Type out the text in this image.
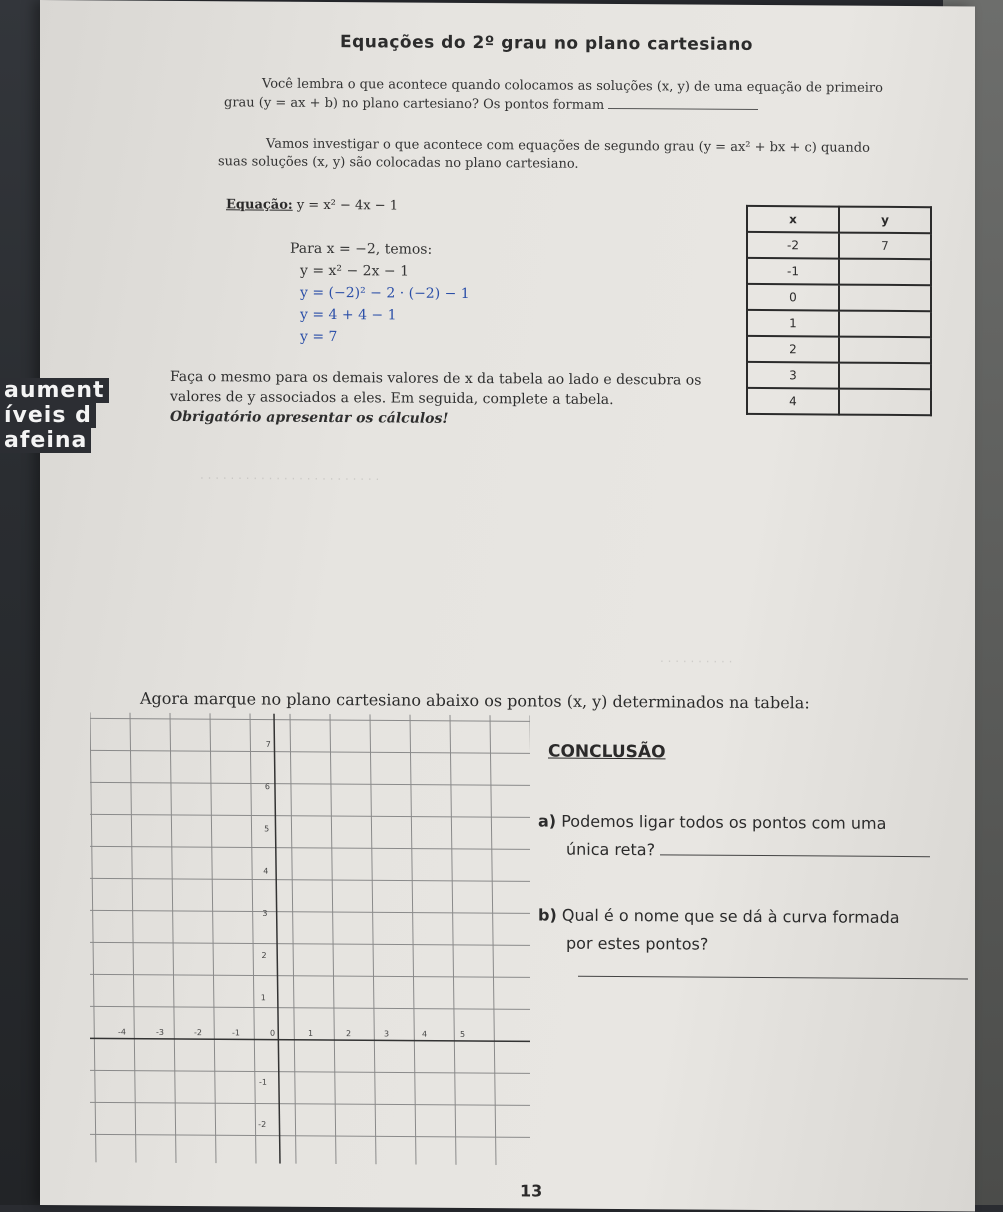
Equações do 2º grau no plano cartesiano
Você lembra o que acontece quando colocamos as soluções (x, y) de uma equação de primeiro
grau (y = ax + b) no plano cartesiano? Os pontos formam
Vamos investigar o que acontece com equações de segundo grau (y = ax² + bx + c) quando
suas soluções (x, y) são colocadas no plano cartesiano.
Equação: y = x² − 4x − 1
Para x = −2, temos:
y = x² − 2x − 1
y = (−2)² − 2 · (−2) − 1
y = 4 + 4 − 1
y = 7
Faça o mesmo para os demais valores de x da tabela ao lado e descubra os valores de y associados a eles. Em seguida, complete a tabela.
Obrigatório apresentar os cálculos!
x	y
-2	7
-1	
0	
1	
2	
3	
4	
· · · · · · · · · · · · · · · · · · · · · · · ·
· · · · · · · · · ·
Agora marque no plano cartesiano abaixo os pontos (x, y) determinados na tabela:
-4	-3	-2	-1	0	1	2	3	4	5
7
6
5
4
3
2
1
-1
-2
CONCLUSÃO
a) Podemos ligar todos os pontos com uma
única reta?
b) Qual é o nome que se dá à curva formada
por estes pontos?

13
aument
íveis d
afeina
